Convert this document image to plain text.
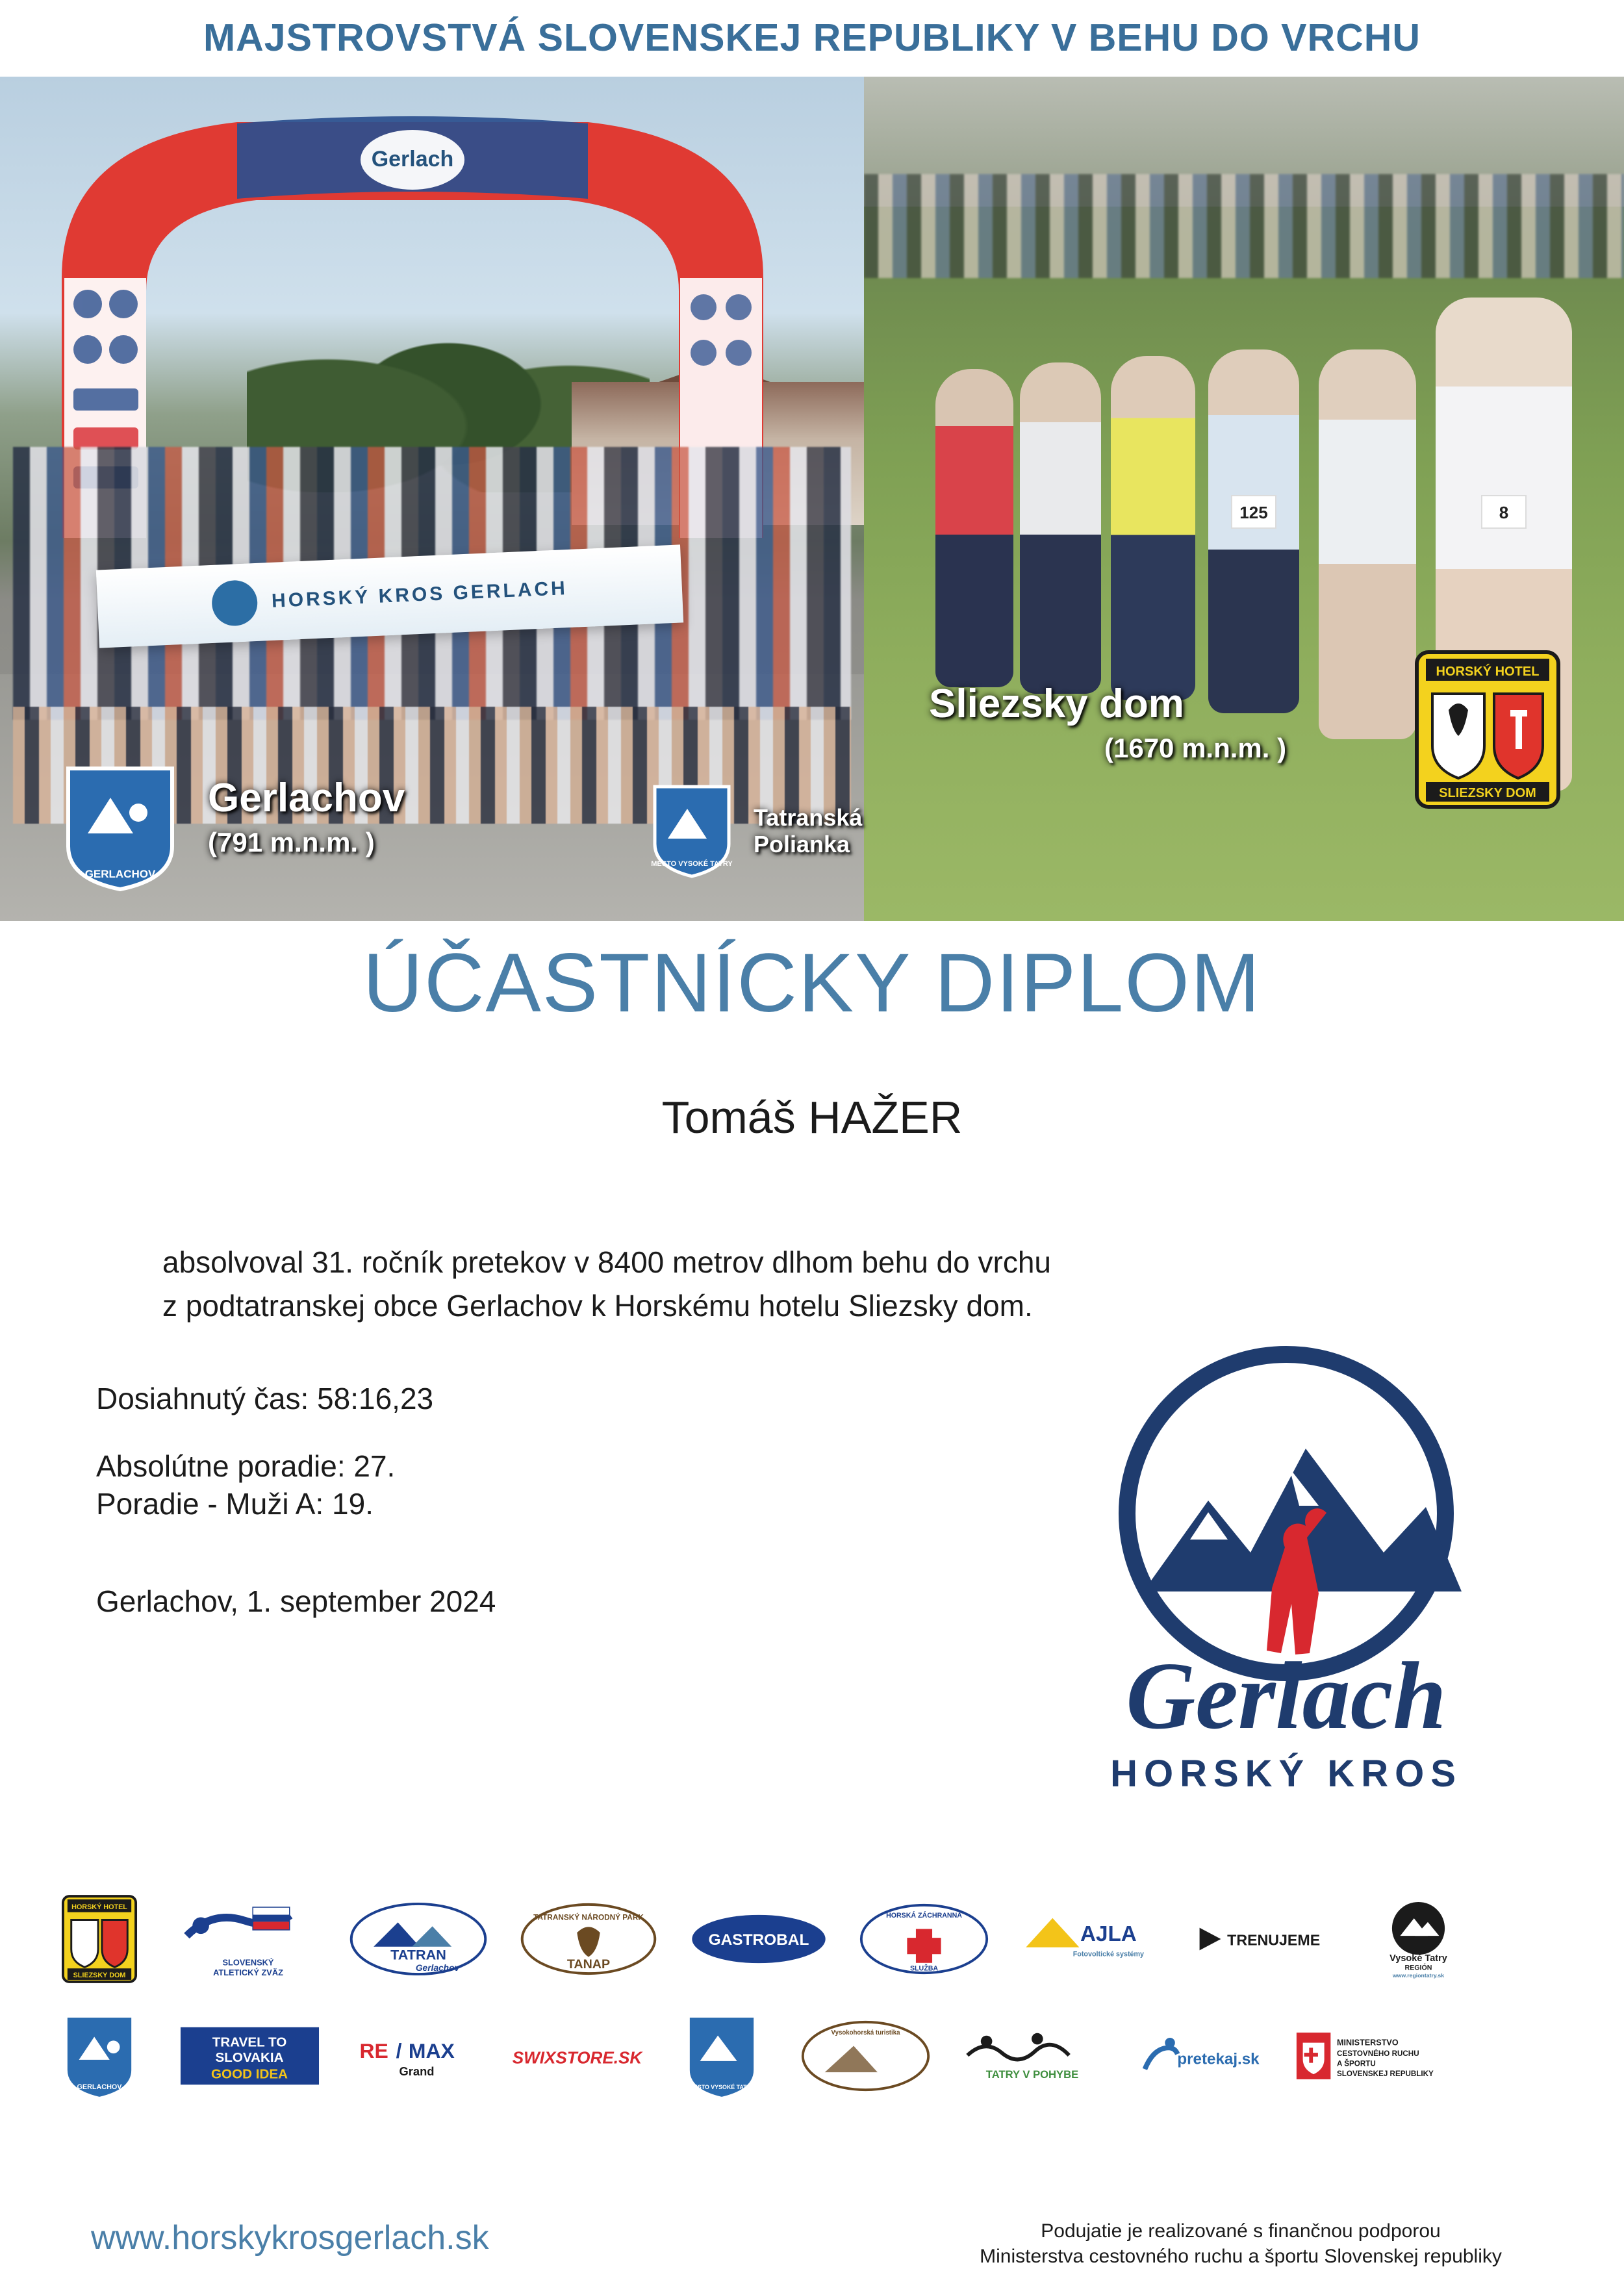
MAJSTROVSTVÁ SLOVENSKEJ REPUBLIKY V BEHU DO VRCHU
Gerlach
HORSKÝ KROS GERLACH
125	8
Sliezsky dom
(1670 m.n.m. )
Gerlachov
(791 m.n.m. )
Tatranská
Polianka
GERLACHOV
MESTO VYSOKÉ TATRY
HORSKÝ HOTEL
SLIEZSKY DOM
ÚČASTNÍCKY DIPLOM
Tomáš HAŽER
absolvoval 31. ročník pretekov v 8400 metrov dlhom behu do vrchu
z podtatranskej obce Gerlachov k Horskému hotelu Sliezsky dom.
Dosiahnutý čas: 58:16,23
Absolútne poradie: 27.
Poradie - Muži A: 19.
Gerlachov, 1. september 2024
Gerlach
HORSKÝ KROS
HORSKÝ HOTEL
SLIEZSKY DOM
SLOVENSKÝ
ATLETICKÝ ZVÄZ
TATRAN
Gerlachov
TATRANSKÝ NÁRODNÝ PARK
TANAP
GASTROBAL
HORSKÁ ZÁCHRANNÁ
SLUŽBA
AJLA
Fotovoltické systémy
TRENUJEME
Vysoké Tatry
REGIÓN
www.regiontatry.sk
GERLACHOV
TRAVEL TO
SLOVAKIA
GOOD IDEA
RE / MAX
Grand
SWIXSTORE.SK
MESTO VYSOKÉ TATRY
Vysokohorská turistika
TATRY V POHYBE
pretekaj.sk
MINISTERSTVO
CESTOVNÉHO RUCHU
A ŠPORTU
SLOVENSKEJ REPUBLIKY
www.horskykrosgerlach.sk	Podujatie je realizované s finančnou podporou
Ministerstva cestovného ruchu a športu Slovenskej republiky
